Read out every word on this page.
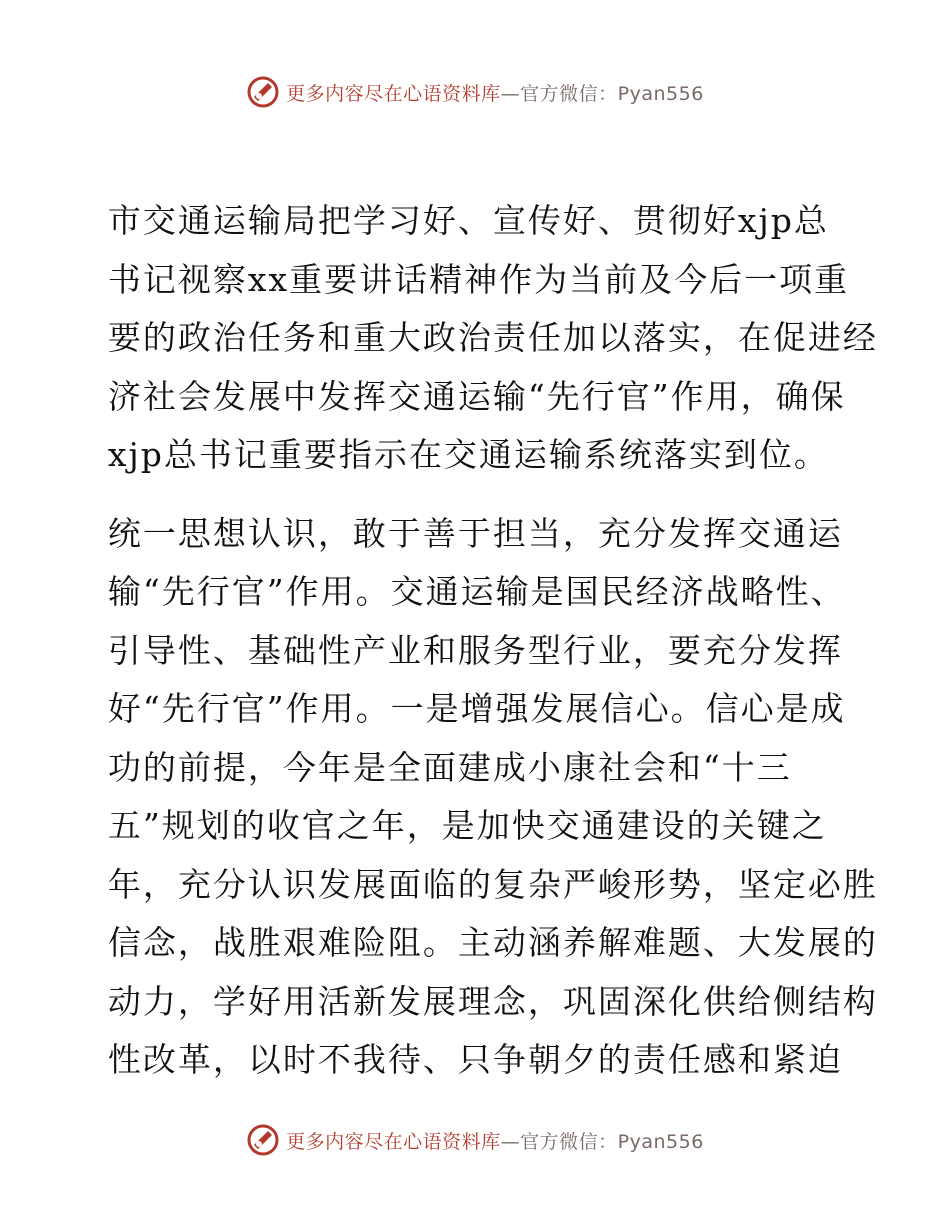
更多内容尽在心语资料库 —官方微信：Pyan556

市交通运输局把学习好、宣传好、贯彻好xjp总
书记视察xx重要讲话精神作为当前及今后一项重
要的政治任务和重大政治责任加以落实，在促进经
济社会发展中发挥交通运输“先行官”作用，确保
xjp总书记重要指示在交通运输系统落实到位。

统一思想认识，敢于善于担当，充分发挥交通运
输“先行官”作用。交通运输是国民经济战略性、
引导性、基础性产业和服务型行业，要充分发挥
好“先行官”作用。一是增强发展信心。信心是成
功的前提，今年是全面建成小康社会和“十三
五”规划的收官之年，是加快交通建设的关键之
年，充分认识发展面临的复杂严峻形势，坚定必胜
信念，战胜艰难险阻。主动涵养解难题、大发展的
动力，学好用活新发展理念，巩固深化供给侧结构
性改革，以时不我待、只争朝夕的责任感和紧迫

更多内容尽在心语资料库 —官方微信：Pyan556
